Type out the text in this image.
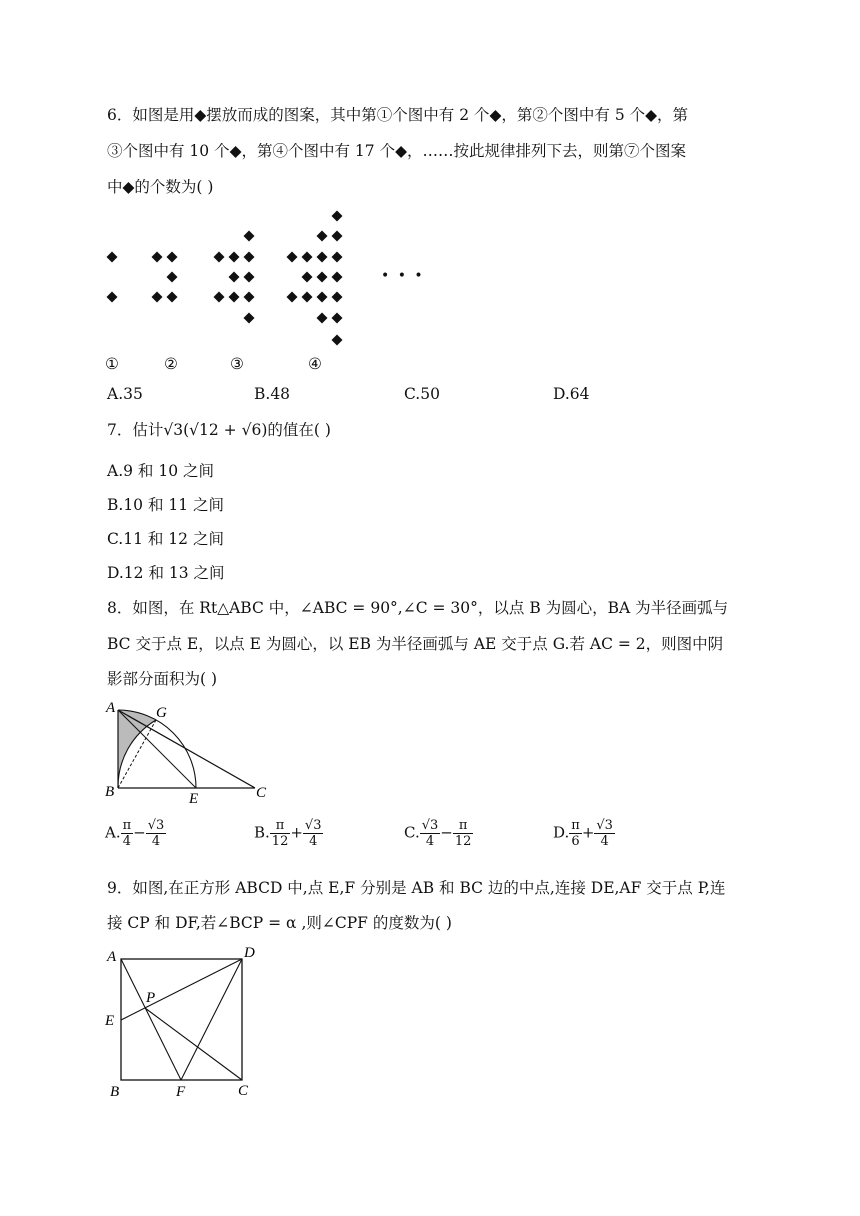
6．如图是用◆摆放而成的图案，其中第①个图中有 2 个◆，第②个图中有 5 个◆，第
③个图中有 10 个◆，第④个图中有 17 个◆，……按此规律排列下去，则第⑦个图案
中◆的个数为( )
• • •
①	②	③	④
A.35	B.48	C.50	D.64
7．估计√3(√12 + √6)的值在( )
A.9 和 10 之间
B.10 和 11 之间
C.11 和 12 之间
D.12 和 13 之间
8．如图，在 Rt△ABC 中，∠ABC = 90°,∠C = 30°，以点 B 为圆心，BA 为半径画弧与
BC 交于点 E，以点 E 为圆心，以 EB 为半径画弧与 AE 交于点 G.若 AC = 2，则图中阴
影部分面积为( )
A	G
B	E	C
A. $\frac{\pi}{4} - \frac{√3}{4}$	B. $\frac{\pi}{12} + \frac{√3}{4}$	C. $\frac{√3}{4} - \frac{\pi}{12}$	D. $\frac{\pi}{6} + \frac{√3}{4}$
9．如图,在正方形 ABCD 中,点 E,F 分别是 AB 和 BC 边的中点,连接 DE,AF 交于点 P,连
接 CP 和 DF,若∠BCP = α ,则∠CPF 的度数为( )
A	D
P
E
B	F	C
